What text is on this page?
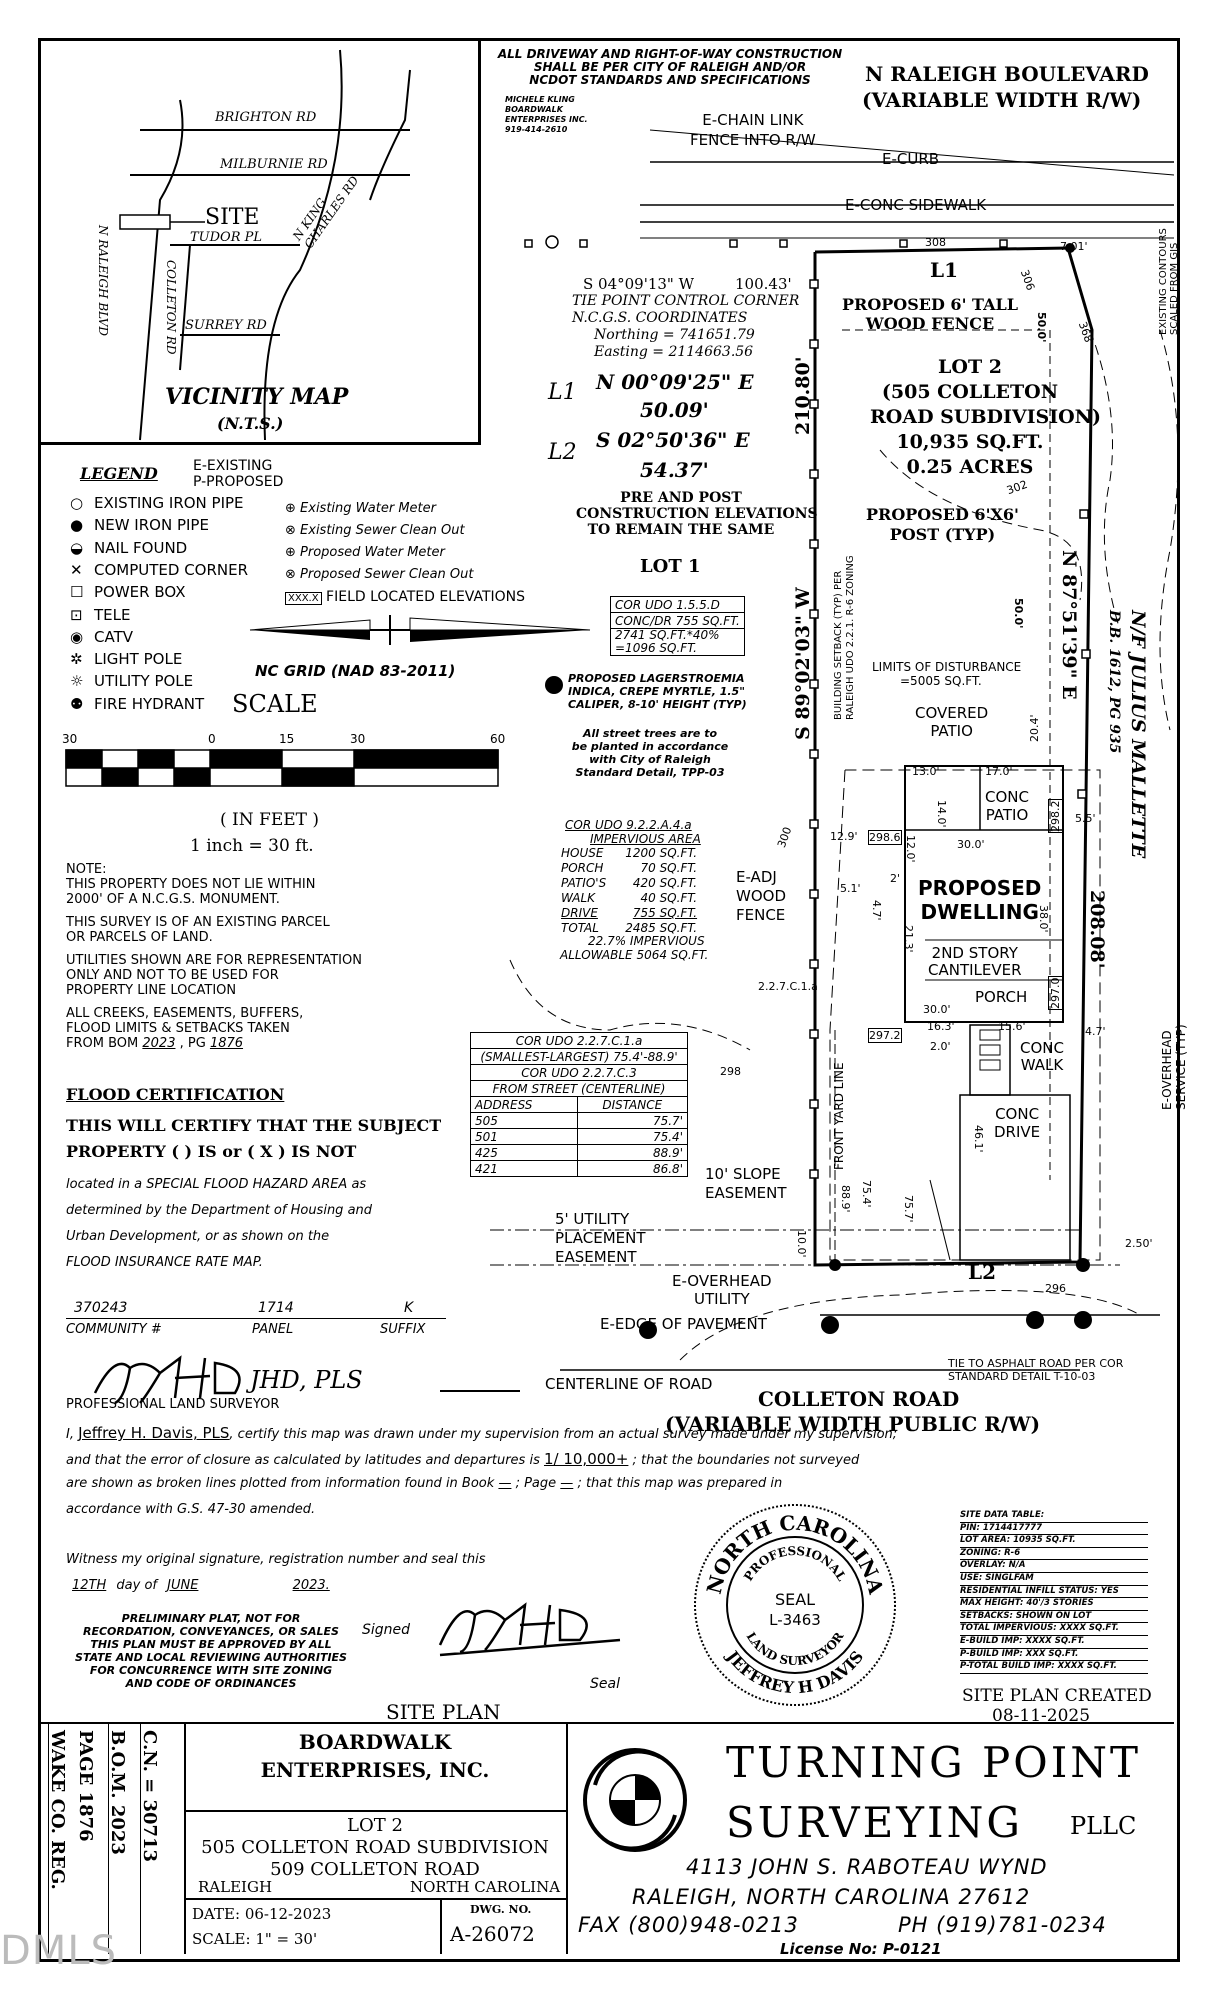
BRIGHTON RD
MILBURNIE RD
TUDOR PL N KING CHARLES RD
COLLETON RD SURREY RD
N RALEIGH BLVD
SITE
VICINITY MAP
(N.T.S.)
ALL DRIVEWAY AND RIGHT-OF-WAY CONSTRUCTION
SHALL BE PER CITY OF RALEIGH AND/OR
NCDOT STANDARDS AND SPECIFICATIONS
MICHELE KLING
BOARDWALK
ENTERPRISES INC.
919-414-2610
N RALEIGH BOULEVARD
(VARIABLE WIDTH R/W)
E-CHAIN LINK
FENCE INTO R/W
E-CURB
E-CONC SIDEWALK
S 04°09'13" W	100.43'
TIE POINT CONTROL CORNER
N.C.G.S. COORDINATES
Northing = 741651.79
Easting = 2114663.56
L1 N 00°09'25" E
50.09'
L2 S 02°50'36" E
54.37'
L1
L2
PROPOSED 6' TALL
WOOD FENCE
LOT 2
(505 COLLETON
ROAD SUBDIVISION)
10,935 SQ.FT.
0.25 ACRES
PROPOSED 6'X6'
POST (TYP)
PRE AND POST
CONSTRUCTION ELEVATIONS
TO REMAIN THE SAME
LOT 1
S 89°02'03" W
210.80'
N 87°51'39" E
208.08'
BUILDING SETBACK (TYP) PER RALEIGH UDO 2.2.1. R-6 ZONING	N/F JULIUS MALLETTE
D.B. 1612, PG 935
EXISTING CONTOURS SCALED FROM GIS
LIMITS OF DISTURBANCE
=5005 SQ.FT.
COVERED
PATIO
CONC
PATIO
PROPOSED
DWELLING
2ND STORY
CANTILEVER
PORCH
CONC
WALK
CONC
DRIVE
E-ADJ
WOOD
FENCE
FRONT YARD LINE
10' SLOPE
EASEMENT
5' UTILITY
PLACEMENT
EASEMENT
E-OVERHEAD
UTILITY
E-OVERHEAD SERVICE (TYP)
E-EDGE OF PAVEMENT
CENTERLINE OF ROAD
TIE TO ASPHALT ROAD PER COR
STANDARD DETAIL T-10-03
COLLETON ROAD
(VARIABLE WIDTH PUBLIC R/W)
7.01'
50.0'
50.0'
13.0'	17.0'
14.0'
30.0'
12.0'
20.4'
5.5'
12.9'
5.1'
2'
4.7'
21.3'
38.0'
30.0'
16.3'	15.6'
2.0'
4.7'
46.1'
88.9' 75.4'
75.7'
10.0'	2.50'
298.6
297.2
297.0
298.2
308
306
368
302
300
298
296
2.2.7.C.1.a
PROPOSED LAGERSTROEMIA
INDICA, CREPE MYRTLE, 1.5"
CALIPER, 8-10' HEIGHT (TYP)
All street trees are to
be planted in accordance
with City of Raleigh
Standard Detail, TPP-03
COR UDO 1.5.5.D
CONC/DR 755 SQ.FT.

2741 SQ.FT.*40%
=1096 SQ.FT.
COR UDO 9.2.2.A.4.a
IMPERVIOUS AREA
HOUSE	1200 SQ.FT.
PORCH	70 SQ.FT.
PATIO'S	420 SQ.FT.
WALK	40 SQ.FT.
DRIVE	755 SQ.FT.
TOTAL	2485 SQ.FT.
22.7% IMPERVIOUS
ALLOWABLE 5064 SQ.FT.
COR UDO 2.2.7.C.1.a	
(SMALLEST-LARGEST) 75.4'-88.9'	
COR UDO 2.2.7.C.3	
FROM STREET (CENTERLINE)	
ADDRESS	DISTANCE
505	75.7'
501	75.4'
425	88.9'
421	86.8'
LEGEND	E-EXISTING
P-PROPOSED
○EXISTING IRON PIPE
●NEW IRON PIPE
◒NAIL FOUND
✕COMPUTED CORNER
☐POWER BOX
⊡TELE
◉CATV
✲LIGHT POLE
☼UTILITY POLE
⚉FIRE HYDRANT
⊕ Existing Water Meter
⊗ Existing Sewer Clean Out
⊕ Proposed Water Meter
⊗ Proposed Sewer Clean Out
XXX.X FIELD LOCATED ELEVATIONS
NC GRID (NAD 83-2011)
SCALE
30	0	15	30	60
( IN FEET )
1 inch = 30 ft.
NOTE:
THIS PROPERTY DOES NOT LIE WITHIN
2000' OF A N.C.G.S. MONUMENT.
THIS SURVEY IS OF AN EXISTING PARCEL
OR PARCELS OF LAND.
UTILITIES SHOWN ARE FOR REPRESENTATION
ONLY AND NOT TO BE USED FOR
PROPERTY LINE LOCATION
ALL CREEKS, EASEMENTS, BUFFERS,
FLOOD LIMITS & SETBACKS TAKEN
FROM BOM 2023 , PG 1876
FLOOD CERTIFICATION
THIS WILL CERTIFY THAT THE SUBJECT
PROPERTY ( ) IS or ( X ) IS NOT
located in a SPECIAL FLOOD HAZARD AREA as
determined by the Department of Housing and
Urban Development, or as shown on the
FLOOD INSURANCE RATE MAP.
370243	1714	K
COMMUNITY #	PANEL	SUFFIX
JHD, PLS
PROFESSIONAL LAND SURVEYOR
I, Jeffrey H. Davis, PLS, certify this map was drawn under my supervision from an actual survey made under my supervision;
and that the error of closure as calculated by latitudes and departures is 1/ 10,000+ ; that the boundaries not surveyed
are shown as broken lines plotted from information found in Book — ; Page — ; that this map was prepared in
accordance with G.S. 47-30 amended.
Witness my original signature, registration number and seal this
12TH day of JUNE	2023.
PRELIMINARY PLAT, NOT FOR
RECORDATION, CONVEYANCES, OR SALES
THIS PLAN MUST BE APPROVED BY ALL
STATE AND LOCAL REVIEWING AUTHORITIES
FOR CONCURRENCE WITH SITE ZONING
AND CODE OF ORDINANCES
Signed
Seal
SITE PLAN
NORTH CAROLINA
JEFFREY H DAVIS
PROFESSIONAL
LAND SURVEYOR
SEAL
L-3463
SITE DATA TABLE:
PIN: 1714417777
LOT AREA: 10935 SQ.FT.
ZONING: R-6
OVERLAY: N/A
USE: SINGLFAM
RESIDENTIAL INFILL STATUS: YES
MAX HEIGHT: 40'/3 STORIES
SETBACKS: SHOWN ON LOT
TOTAL IMPERVIOUS: XXXX SQ.FT.
E-BUILD IMP: XXXX SQ.FT.
P-BUILD IMP: XXX SQ.FT.
P-TOTAL BUILD IMP: XXXX SQ.FT.
SITE PLAN CREATED
08-11-2025
C.N. = 30713
B.O.M. 2023
PAGE 1876
WAKE CO. REG.	BOARDWALK
ENTERPRISES, INC.
LOT 2
505 COLLETON ROAD SUBDIVISION
509 COLLETON ROAD
RALEIGH	NORTH CAROLINA
DATE: 06-12-2023
SCALE: 1" = 30'
DWG. NO.
A-26072
TURNING POINT
SURVEYING PLLC
4113 JOHN S. RABOTEAU WYND
RALEIGH, NORTH CAROLINA 27612
FAX (800)948-0213	PH (919)781-0234
License No: P-0121
DMLS
